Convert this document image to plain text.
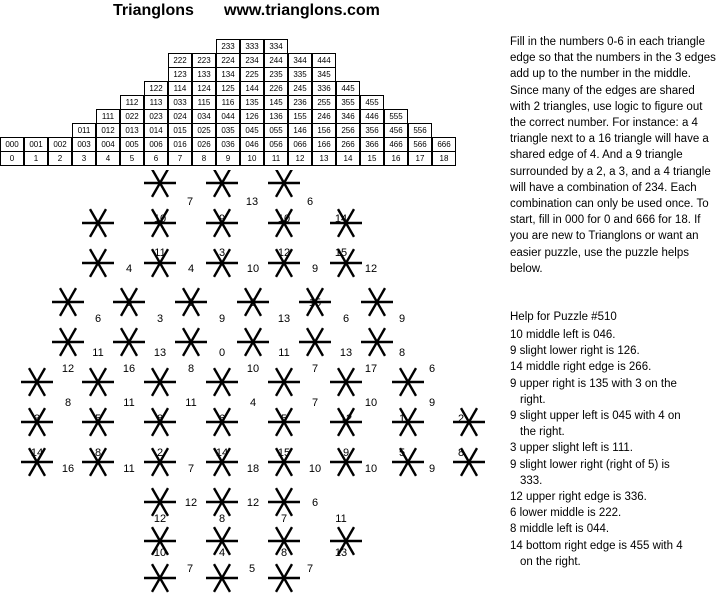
Trianglons www.trianglons.com
233	333	334
222	223	224	234	244	344	444
123	133	134	225	235	335	345
122	114	124	125	144	226	245	336	445
112	113	033	115	116	135	145	236	255	355	455
111	022	023	024	034	044	126	136	155	246	346	446	555
011	012	013	014	015	025	035	045	055	146	156	256	356	456	556
000	001	002	003	004	005	006	016	026	036	046	056	066	166	266	366	466	566	666
0	1	2	3	4	5	6	7	8	9	10	11	12	13	14	15	16	17	18
7	13	6
10	9	10	14
11	3	12	15
4	4	10	9	12
5	6	9	15
6	3	9	13	6	9
11	13	0	11	13	8
12	16	8	10	7	17	6
8	11	11	4	7	10	9
3	5	8	6	5	12	1	2
14	8	2	14	15	9	5	8
16	11	7	18	10	10	9
12	12	6
12	8	7	11
10	4	8	13
7	5	7
Fill in the numbers 0-6 in each triangle edge so that the numbers in the 3 edges add up to the number in the middle. Since many of the edges are shared with 2 triangles, use logic to figure out the correct number. For instance: a 4 triangle next to a 16 triangle will have a shared edge of 4. And a 9 triangle surrounded by a 2, a 3, and a 4 triangle will have a combination of 234. Each combination can only be used once. To start, fill in 000 for 0 and 666 for 18. If you are new to Trianglons or want an easier puzzle, use the puzzle helps below.
Help for Puzzle #510
10 middle left is 046.
9 slight lower right is 126.
14 middle right edge is 266.
9 upper right is 135 with 3 on the
right.
9 slight upper left is 045 with 4 on
the right.
3 upper slight left is 111.
9 slight lower right (right of 5) is
333.
12 upper right edge is 336.
6 lower middle is 222.
8 middle left is 044.
14 bottom right edge is 455 with 4
on the right.
